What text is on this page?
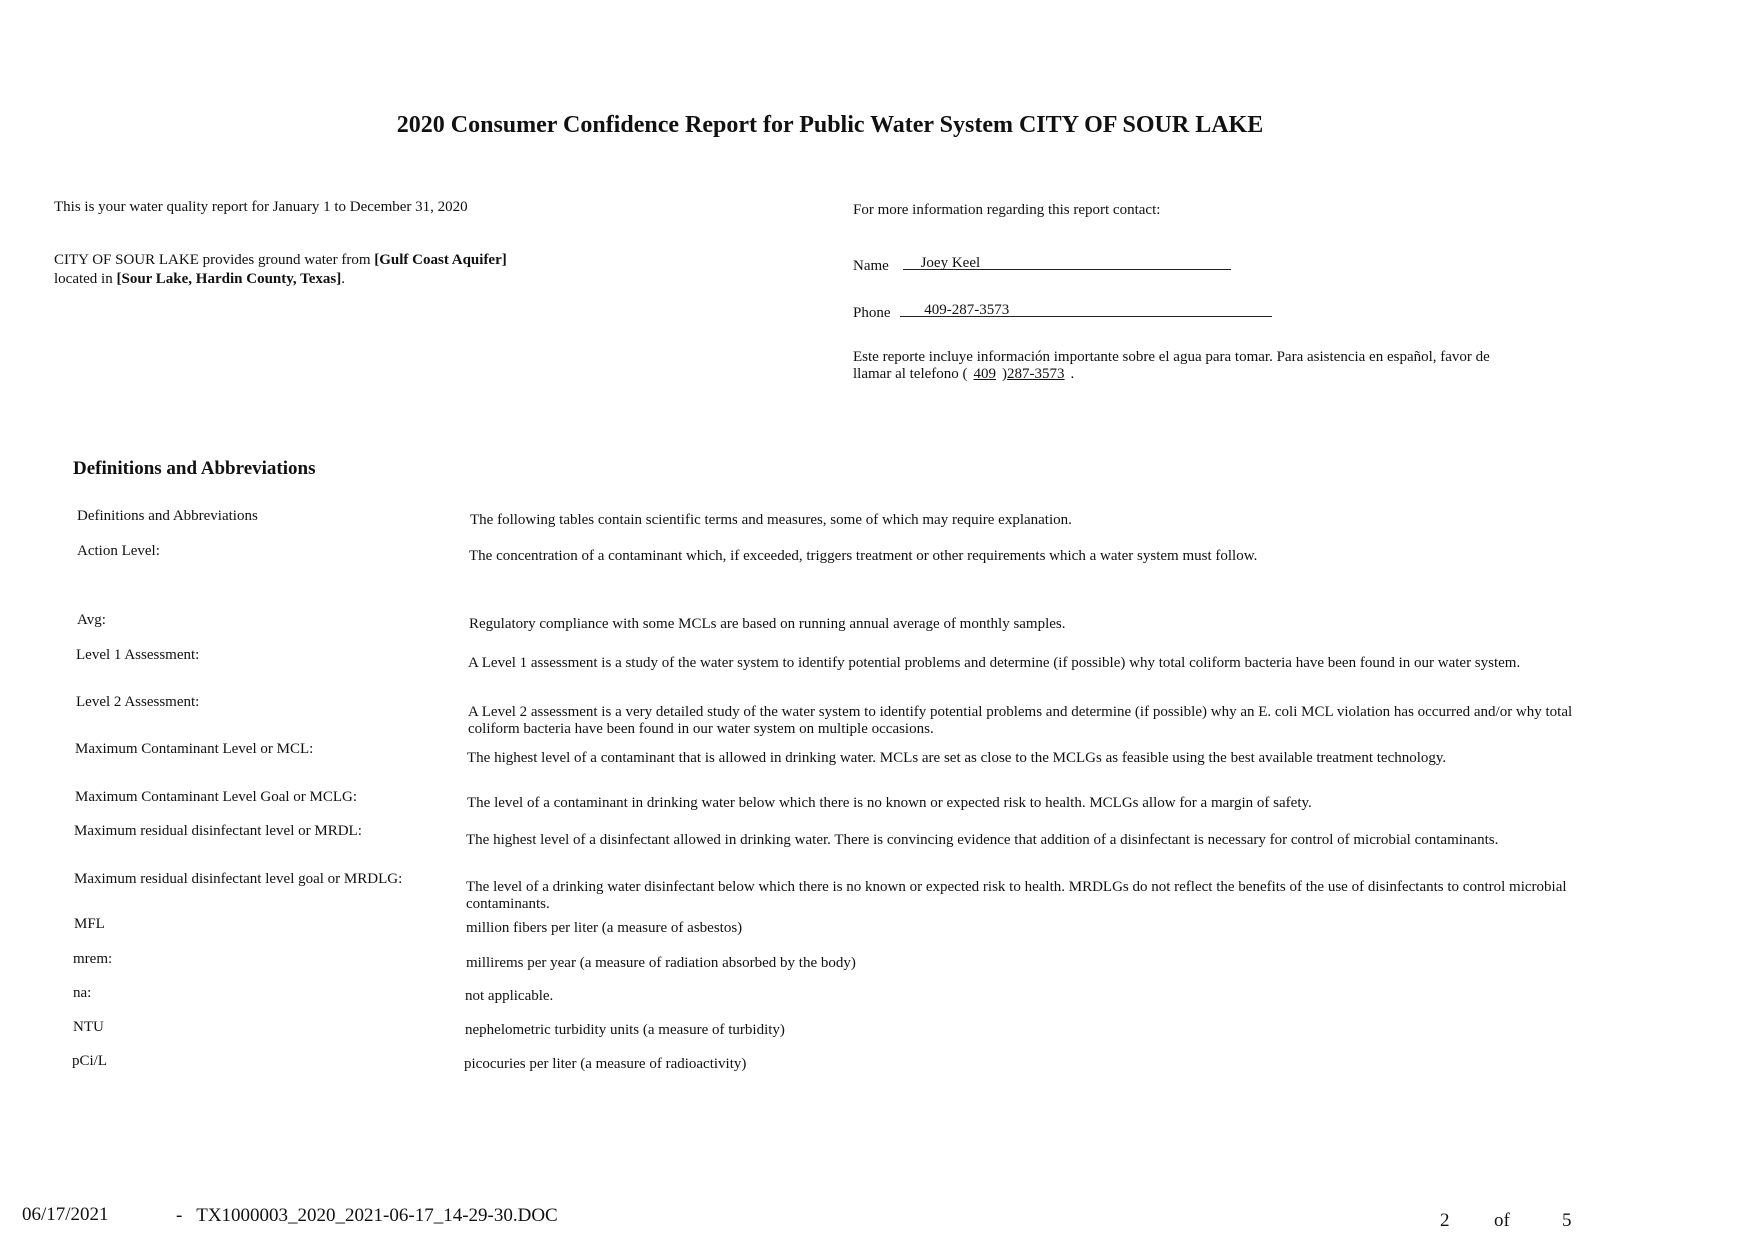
2020 Consumer Confidence Report for Public Water System CITY OF SOUR LAKE
This is your water quality report for January 1 to December 31, 2020
CITY OF SOUR LAKE provides ground water from [Gulf Coast Aquifer]
located in [Sour Lake, Hardin County, Texas].
For more information regarding this report contact:
Name Joey Keel
Phone 409-287-3573
Este reporte incluye información importante sobre el agua para tomar. Para asistencia en español, favor de
llamar al telefono ( 409 )287-3573 .
Definitions and Abbreviations
Definitions and Abbreviations	The following tables contain scientific terms and measures, some of which may require explanation.
Action Level:	The concentration of a contaminant which, if exceeded, triggers treatment or other requirements which a water system must follow.
Avg:	Regulatory compliance with some MCLs are based on running annual average of monthly samples.
Level 1 Assessment:	A Level 1 assessment is a study of the water system to identify potential problems and determine (if possible) why total coliform bacteria have been found in our water system.
Level 2 Assessment:
A Level 2 assessment is a very detailed study of the water system to identify potential problems and determine (if possible) why an E. coli MCL violation has occurred and/or why total coliform bacteria have been found in our water system on multiple occasions.
Maximum Contaminant Level or MCL:
The highest level of a contaminant that is allowed in drinking water. MCLs are set as close to the MCLGs as feasible using the best available treatment technology.
Maximum Contaminant Level Goal or MCLG:	The level of a contaminant in drinking water below which there is no known or expected risk to health. MCLGs allow for a margin of safety.
Maximum residual disinfectant level or MRDL:
The highest level of a disinfectant allowed in drinking water. There is convincing evidence that addition of a disinfectant is necessary for control of microbial contaminants.
Maximum residual disinfectant level goal or MRDLG:	The level of a drinking water disinfectant below which there is no known or expected risk to health. MRDLGs do not reflect the benefits of the use of disinfectants to control microbial contaminants.
MFL	million fibers per liter (a measure of asbestos)
mrem:	millirems per year (a measure of radiation absorbed by the body)
na:	not applicable.
NTU	nephelometric turbidity units (a measure of turbidity)
pCi/L	picocuries per liter (a measure of radioactivity)
06/17/2021	-   TX1000003_2020_2021-06-17_14-29-30.DOC	2 of	5
